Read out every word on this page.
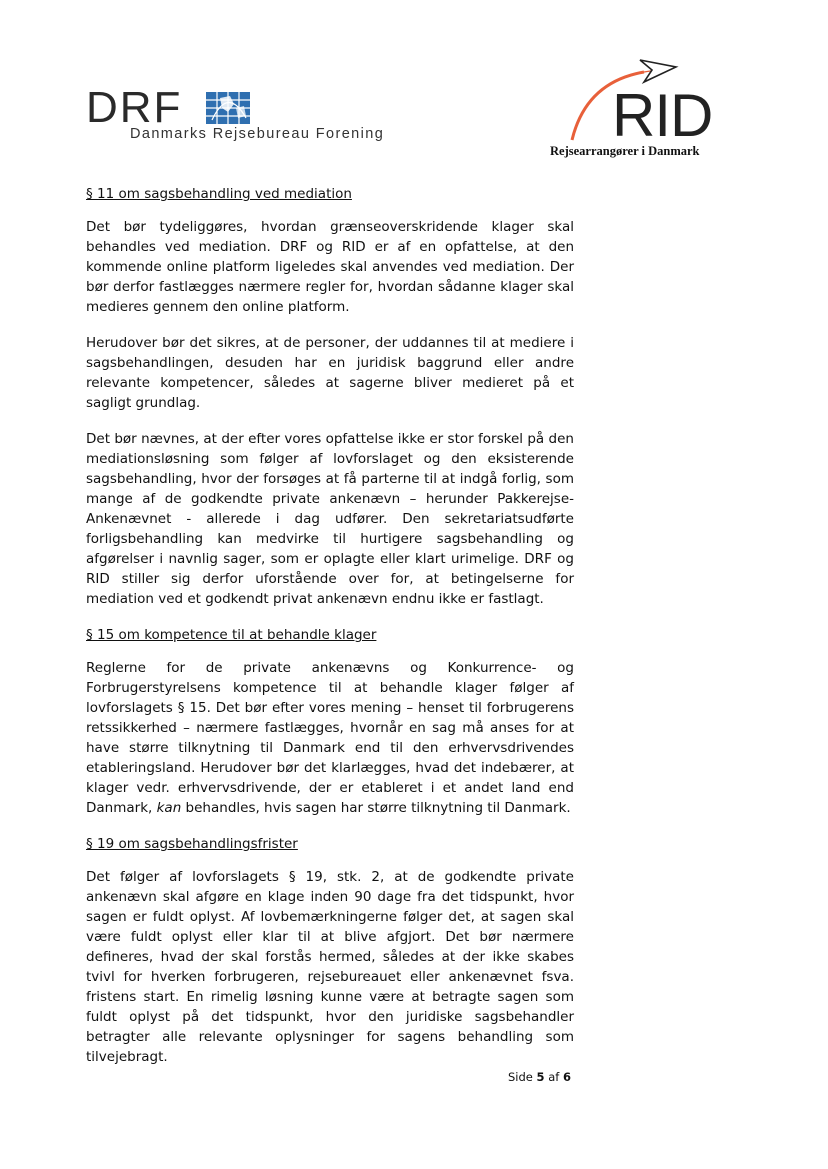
DRF
Danmarks Rejsebureau Forening	RID
Rejsearrangører i Danmark
§ 11 om sagsbehandling ved mediation

Det bør tydeliggøres, hvordan grænseoverskridende klager skal behandles ved mediation. DRF og RID er af en opfattelse, at den kommende online platform ligeledes skal anvendes ved mediation. Der bør derfor fastlægges nærmere regler for, hvordan sådanne klager skal medieres gennem den online platform.

Herudover bør det sikres, at de personer, der uddannes til at mediere i sagsbehandlingen, desuden har en juridisk baggrund eller andre relevante kompetencer, således at sagerne bliver medieret på et sagligt grundlag.

Det bør nævnes, at der efter vores opfattelse ikke er stor forskel på den mediationsløsning som følger af lovforslaget og den eksisterende sagsbehandling, hvor der forsøges at få parterne til at indgå forlig, som mange af de godkendte private ankenævn – herunder Pakkerejse-Ankenævnet - allerede i dag udfører. Den sekretariatsudførte forligsbehandling kan medvirke til hurtigere sagsbehandling og afgørelser i navnlig sager, som er oplagte eller klart urimelige. DRF og RID stiller sig derfor uforstående over for, at betingelserne for mediation ved et godkendt privat ankenævn endnu ikke er fastlagt.

§ 15 om kompetence til at behandle klager

Reglerne for de private ankenævns og Konkurrence- og Forbrugerstyrelsens kompetence til at behandle klager følger af lovforslagets § 15. Det bør efter vores mening – henset til forbrugerens retssikkerhed – nærmere fastlægges, hvornår en sag må anses for at have større tilknytning til Danmark end til den erhvervsdrivendes etableringsland. Herudover bør det klarlægges, hvad det indebærer, at klager vedr. erhvervsdrivende, der er etableret i et andet land end Danmark, kan behandles, hvis sagen har større tilknytning til Danmark.

§ 19 om sagsbehandlingsfrister

Det følger af lovforslagets § 19, stk. 2, at de godkendte private ankenævn skal afgøre en klage inden 90 dage fra det tidspunkt, hvor sagen er fuldt oplyst. Af lovbemærkningerne følger det, at sagen skal være fuldt oplyst eller klar til at blive afgjort. Det bør nærmere defineres, hvad der skal forstås hermed, således at der ikke skabes tvivl for hverken forbrugeren, rejsebureauet eller ankenævnet fsva. fristens start. En rimelig løsning kunne være at betragte sagen som fuldt oplyst på det tidspunkt, hvor den juridiske sagsbehandler betragter alle relevante oplysninger for sagens behandling som tilvejebragt.

Side 5 af 6
